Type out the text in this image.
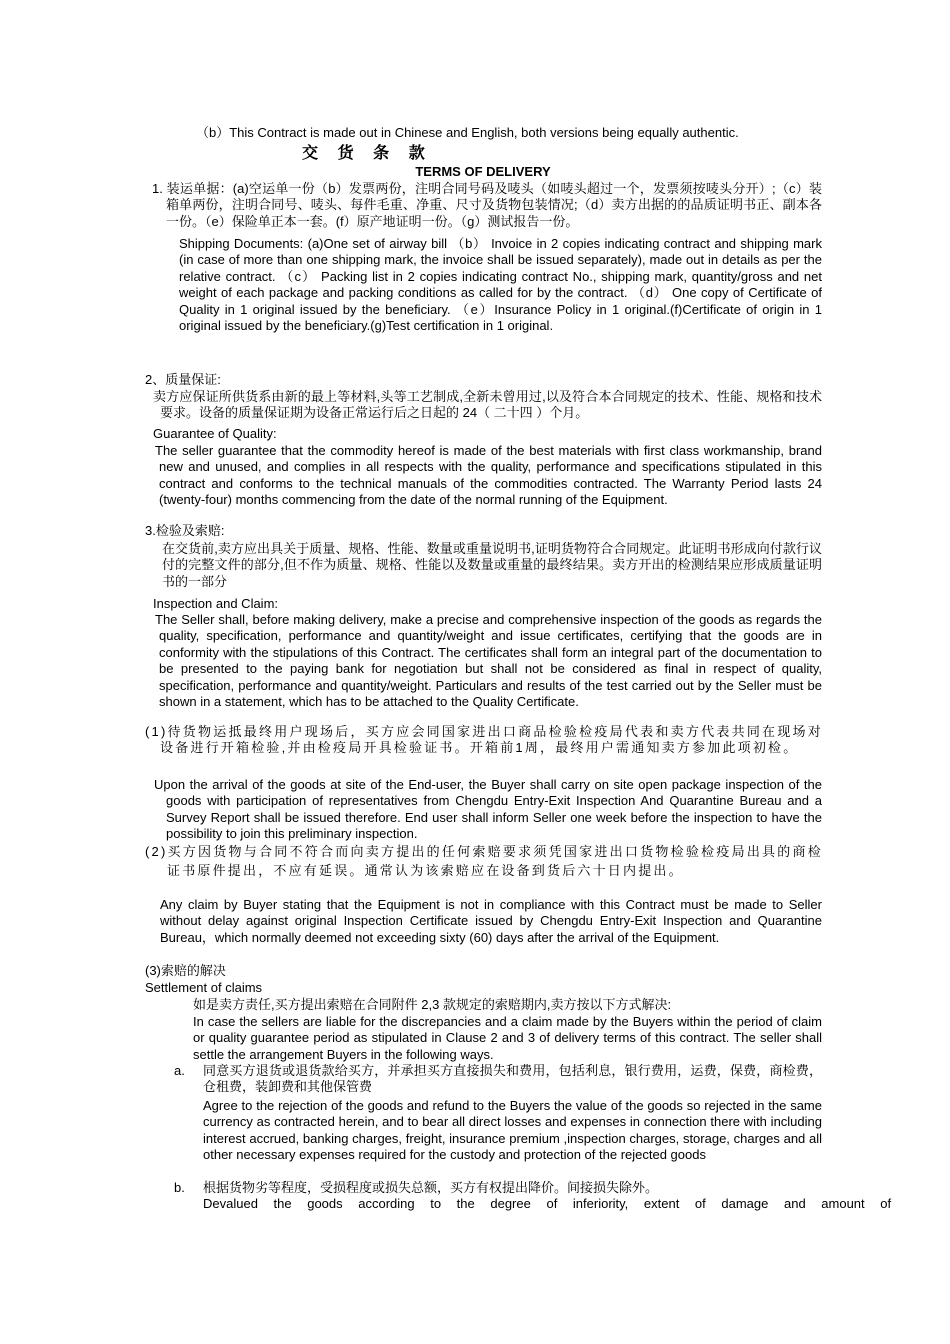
（b）This Contract is made out in Chinese and English, both versions being equally authentic.

交 货 条 款

TERMS OF DELIVERY

1. 装运单据：(a)空运单一份（b）发票两份，注明合同号码及唛头（如唛头超过一个，发票须按唛头分开）;（c）装箱单两份，注明合同号、唛头、每件毛重、净重、尺寸及货物包装情况;（d）卖方出据的的品质证明书正、副本各一份。（e）保险单正本一套。(f）原产地证明一份。（g）测试报告一份。

Shipping Documents: (a)One set of airway bill （b） Invoice in 2 copies indicating contract and shipping mark (in case of more than one shipping mark, the invoice shall be issued separately), made out in details as per the relative contract. （c） Packing list in 2 copies indicating contract No., shipping mark, quantity/gross and net weight of each package and packing conditions as called for by the contract. （d） One copy of Certificate of Quality in 1 original issued by the beneficiary. （e）Insurance Policy in 1 original.(f)Certificate of origin in 1 original issued by the beneficiary.(g)Test certification in 1 original.

2、质量保证:

卖方应保证所供货系由新的最上等材料,头等工艺制成,全新未曾用过,以及符合本合同规定的技术、性能、规格和技术要求。设备的质量保证期为设备正常运行后之日起的 24（ 二十四 ）个月。

Guarantee of Quality:

The seller guarantee that the commodity hereof is made of the best materials with first class workmanship, brand new and unused, and complies in all respects with the quality, performance and specifications stipulated in this contract and conforms to the technical manuals of the commodities contracted. The Warranty Period lasts 24 (twenty-four) months commencing from the date of the normal running of the Equipment.

3.检验及索赔:

在交货前,卖方应出具关于质量、规格、性能、数量或重量说明书,证明货物符合合同规定。此证明书形成向付款行议付的完整文件的部分,但不作为质量、规格、性能以及数量或重量的最终结果。卖方开出的检测结果应形成质量证明书的一部分

Inspection and Claim:

The Seller shall, before making delivery, make a precise and comprehensive inspection of the goods as regards the quality, specification, performance and quantity/weight and issue certificates, certifying that the goods are in conformity with the stipulations of this Contract. The certificates shall form an integral part of the documentation to be presented to the paying bank for negotiation but shall not be considered as final in respect of quality, specification, performance and quantity/weight. Particulars and results of the test carried out by the Seller must be shown in a statement, which has to be attached to the Quality Certificate.

(1)待货物运抵最终用户现场后，买方应会同国家进出口商品检验检疫局代表和卖方代表共同在现场对设备进行开箱检验,并由检疫局开具检验证书。开箱前1周，最终用户需通知卖方参加此项初检。

Upon the arrival of the goods at site of the End-user, the Buyer shall carry on site open package inspection of the goods with participation of representatives from Chengdu Entry-Exit Inspection And Quarantine Bureau and a Survey Report shall be issued therefore. End user shall inform Seller one week before the inspection to have the possibility to join this preliminary inspection.

(2)买方因货物与合同不符合而向卖方提出的任何索赔要求须凭国家进出口货物检验检疫局出具的商检证书原件提出，不应有延误。通常认为该索赔应在设备到货后六十日内提出。

Any claim by Buyer stating that the Equipment is not in compliance with this Contract must be made to Seller without delay against original Inspection Certificate issued by Chengdu Entry-Exit Inspection and Quarantine Bureau，which normally deemed not exceeding sixty (60) days after the arrival of the Equipment.

(3)索赔的解决

Settlement of claims

如是卖方责任,买方提出索赔在合同附件 2,3 款规定的索赔期内,卖方按以下方式解决:

In case the sellers are liable for the discrepancies and a claim made by the Buyers within the period of claim or quality guarantee period as stipulated in Clause 2 and 3 of delivery terms of this contract. The seller shall settle the arrangement Buyers in the following ways.

a. 同意买方退货或退货款给买方，并承担买方直接损失和费用，包括利息，银行费用，运费，保费，商检费，仓租费，装卸费和其他保管费

Agree to the rejection of the goods and refund to the Buyers the value of the goods so rejected in the same currency as contracted herein, and to bear all direct losses and expenses in connection there with including interest accrued, banking charges, freight, insurance premium ,inspection charges, storage, charges and all other necessary expenses required for the custody and protection of the rejected goods

b. 根据货物劣等程度，受损程度或损失总额，买方有权提出降价。间接损失除外。

Devalued the goods according to the degree of inferiority, extent of damage and amount of
